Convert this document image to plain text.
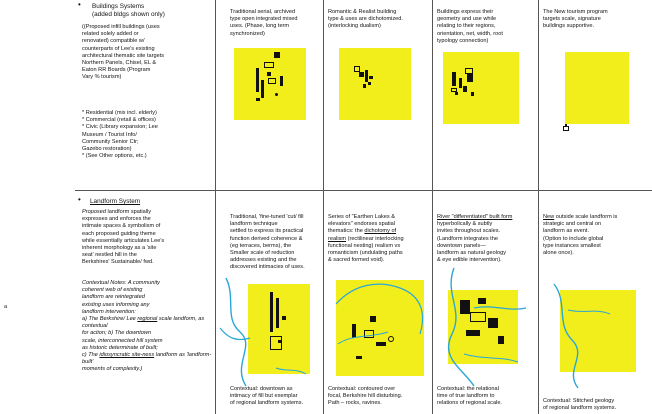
a
• Buildings Systems
(added bldgs shown only)
((Proposed infill buildings (uses
related solely added or
renovated) compatible w/
counterparts of Lee's existing
architectural thematic site targets
Northern Panels, Chisel, EL &
Eaton RR Boards (Program
Vary % tourism)
* Residential (mix incl. elderly)
* Commercial (retail & offices)
* Civic (Library expansion; Lee
Museum / Tourist Info/
Community Senior Ctr;
Gazebo restoration)
* (See Other options, etc.)
Traditional serial, archived
type open integrated mixed
uses. (Phase, long term
synchronized)
Romantic & Realist building
type & uses are dichotomized.
(interlocking dualism)
Buildings express their
geometry and use while
relating to their regions,
orientation, net, width, root
typology connection)
The New tourism program
targets scale, signature
buildings supportive.
• Landform System
Proposed landform spatially
expresses and enforces the
intimate spaces & symbolism of
each proposed guiding theme
while essentially articulates Lee's
inherent morphology as a 'site
seat' nestled hill in the
Berkshires' Sustainable/ fwd.
Contextual Notes: A community
coherent web of existing
landform are reintegrated
existing uses informing any
landform intervention:
a) The Berkshire/ Lee regional scale landform, as contextual
for action; b) The downtown
scale, interconnected hill system
as historic determinate of built;
c) The idiosyncratic site-ness landform as 'landform-built'
moments of complexity.)
Traditional, 'fine-tuned 'cut/ fill
landform technique
settled to express its practical
function derived coherence &
(eg terraces, berms), the
Smaller scale of reduction
addresses existing and the
discovered intimacies of uses.
Series of "Earthen Lakes &
elevators" endorses spatial
thematics: the dichotomy of
realism (rectilinear interlocking
functional nesting) realism vs
romanticism (undulating paths
& sacred formed void).
River "differentiated" built form hyperbolically & subtly
invites throughout scales.
(Landform integrates the
downtown panels—
landform as natural geology
& eye edible intervention).
New outside scale landform is
strategic and central on
landform as event.
(Option to include global
type instances smallest
alone once).
Contextual: downtown as
intimacy of fill but exemplar
of regional landform systems.
Contextual: contoured over
focal, Berkshire hill disturbing.
Path – rocks, ravines.
Contextual: the relational
time of true landform to
relations of regional scale.	Contextual: Stitched geology
of regional landform systems.
